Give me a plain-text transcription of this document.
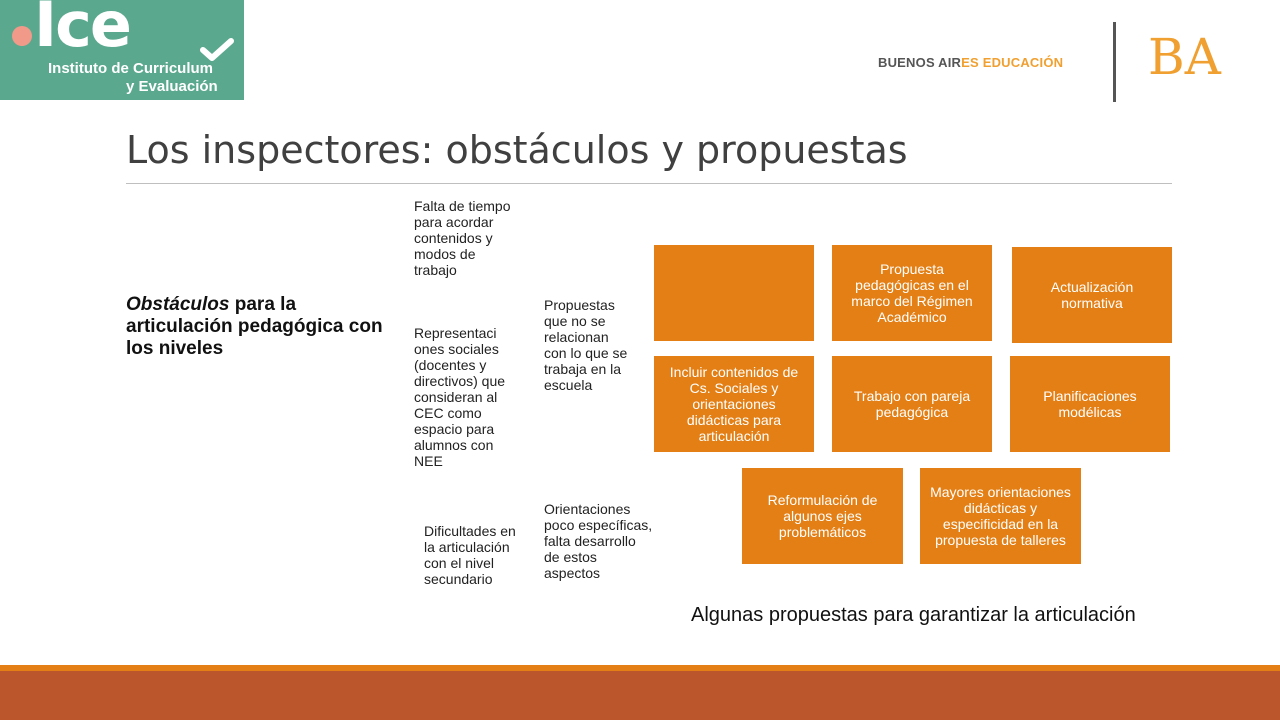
Ice
Instituto de Curriculum
y Evaluación
BUENOS AIRES EDUCACIÓN BA
Los inspectores: obstáculos y propuestas
Obstáculos para la articulación pedagógica con los niveles
Falta de tiempo para acordar contenidos y modos de trabajo
Representaci ones sociales (docentes y directivos) que consideran al CEC como espacio para alumnos con NEE
Dificultades en la articulación con el nivel secundario
Propuestas que no se relacionan con lo que se trabaja en la escuela
Orientaciones poco específicas, falta desarrollo de estos aspectos
Propuesta pedagógicas en el marco del Régimen Académico
Actualización normativa
Incluir contenidos de Cs. Sociales y orientaciones didácticas para articulación
Trabajo con pareja pedagógica
Planificaciones modélicas
Reformulación de algunos ejes problemáticos
Mayores orientaciones didácticas y especificidad en la propuesta de talleres
Algunas propuestas para garantizar la articulación
